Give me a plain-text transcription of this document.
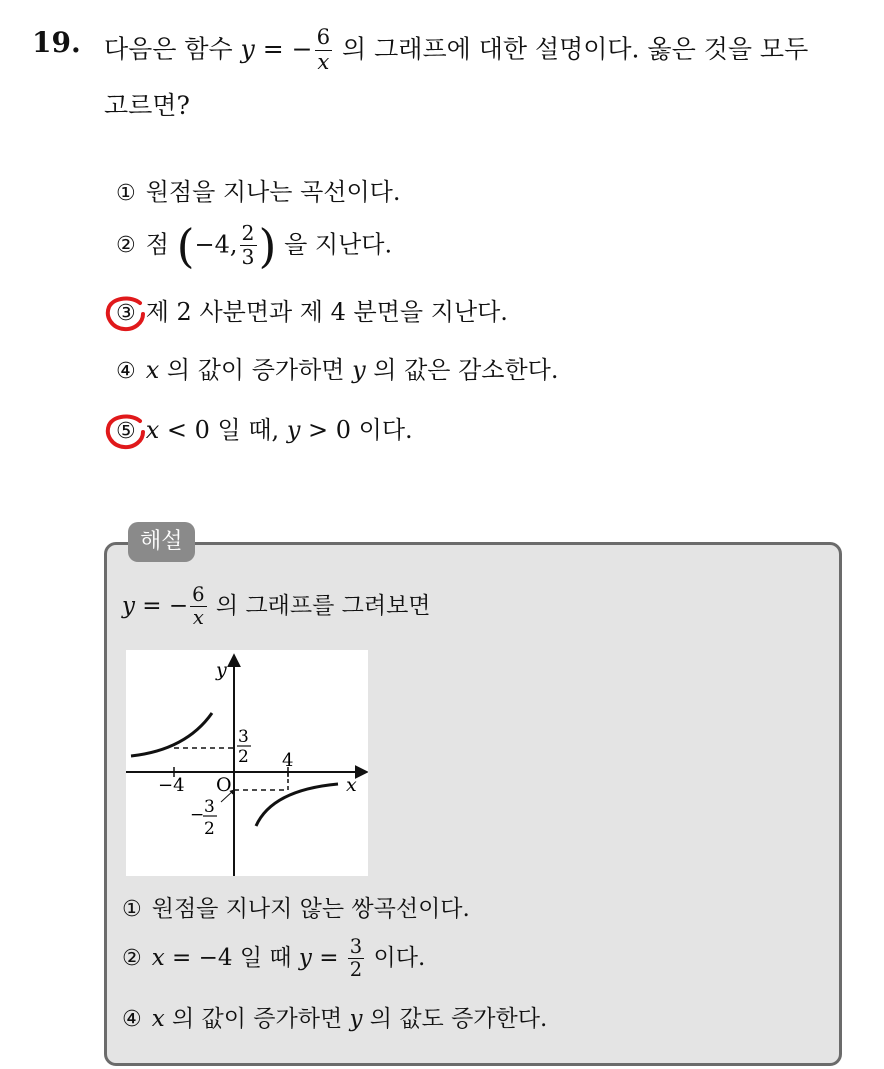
19. 다음은 함수 y = − $\frac{6}{x}$ 의 그래프에 대한 설명이다. 옳은 것을 모두
고르면?
① 원점을 지나는 곡선이다.
② 점 (−4, $\frac{2}{3}$ ) 을 지난다.
③ 제 2 사분면과 제 4 분면을 지난다.
④ x 의 값이 증가하면 y 의 값은 감소한다.
⑤ x < 0 일 때, y > 0 이다.
해설
y = − $\frac{6}{x}$ 의 그래프를 그려보면
y
x
O
−4
4
3
2
− 3
2
① 원점을 지나지 않는 쌍곡선이다.
② x = −4 일 때 $y = \frac{3}{2}$ 이다.
④ x 의 값이 증가하면 y 의 값도 증가한다.
